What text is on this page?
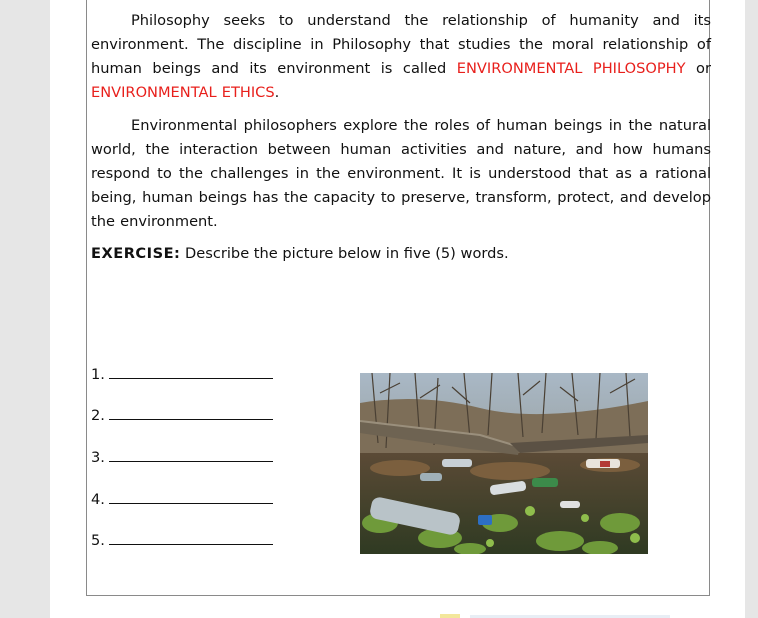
Philosophy seeks to understand the relationship of humanity and its environment. The discipline in Philosophy that studies the moral relationship of human beings and its environment is called ENVIRONMENTAL PHILOSOPHY or ENVIRONMENTAL ETHICS.
Environmental philosophers explore the roles of human beings in the natural world, the interaction between human activities and nature, and how humans respond to the challenges in the environment. It is understood that as a rational being, human beings has the capacity to preserve, transform, protect, and develop the environment.
EXERCISE: Describe the picture below in five (5) words.
1.
2.
3.
4.
5.
